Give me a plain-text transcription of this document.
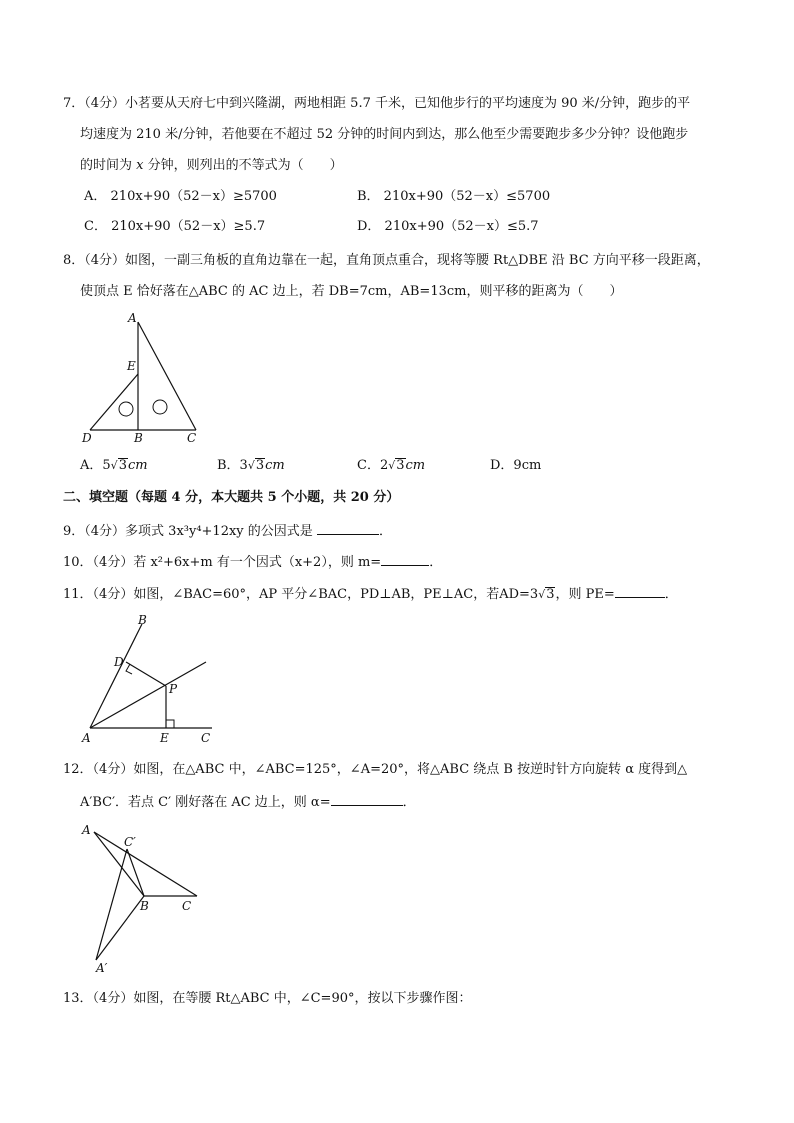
7．（4分）小茗要从天府七中到兴隆湖，两地相距 5.7 千米，已知他步行的平均速度为 90 米/分钟，跑步的平
均速度为 210 米/分钟，若他要在不超过 52 分钟的时间内到达，那么他至少需要跑步多少分钟？设他跑步
的时间为 x 分钟，则列出的不等式为（　　）
A． 210x+90（52－x）≥5700	B． 210x+90（52－x）≤5700
C． 210x+90（52－x）≥5.7	D． 210x+90（52－x）≤5.7
8．（4分）如图，一副三角板的直角边靠在一起，直角顶点重合，现将等腰 Rt△DBE 沿 BC 方向平移一段距离，
使顶点 E 恰好落在△ABC 的 AC 边上，若 DB=7cm，AB=13cm，则平移的距离为（　　）
A
E
D	B	C
A．5√3cm	B．3√3cm	C．2√3cm	D．9cm
二、填空题（每题 4 分，本大题共 5 个小题，共 20 分）
9．（4分）多项式 3x³y⁴+12xy 的公因式是	．
10．（4分）若 x²+6x+m 有一个因式（x+2），则 m=	．
11．（4分）如图，∠BAC=60°，AP 平分∠BAC，PD⊥AB，PE⊥AC，若AD=3√3，则 PE=	．
B
D
P
A	E	C
12．（4分）如图，在△ABC 中，∠ABC=125°，∠A=20°，将△ABC 绕点 B 按逆时针方向旋转 α 度得到△
A′BC′．若点 C′ 刚好落在 AC 边上，则 α=	．
A
C′
B	C
A′
13．（4分）如图，在等腰 Rt△ABC 中，∠C=90°，按以下步骤作图：
